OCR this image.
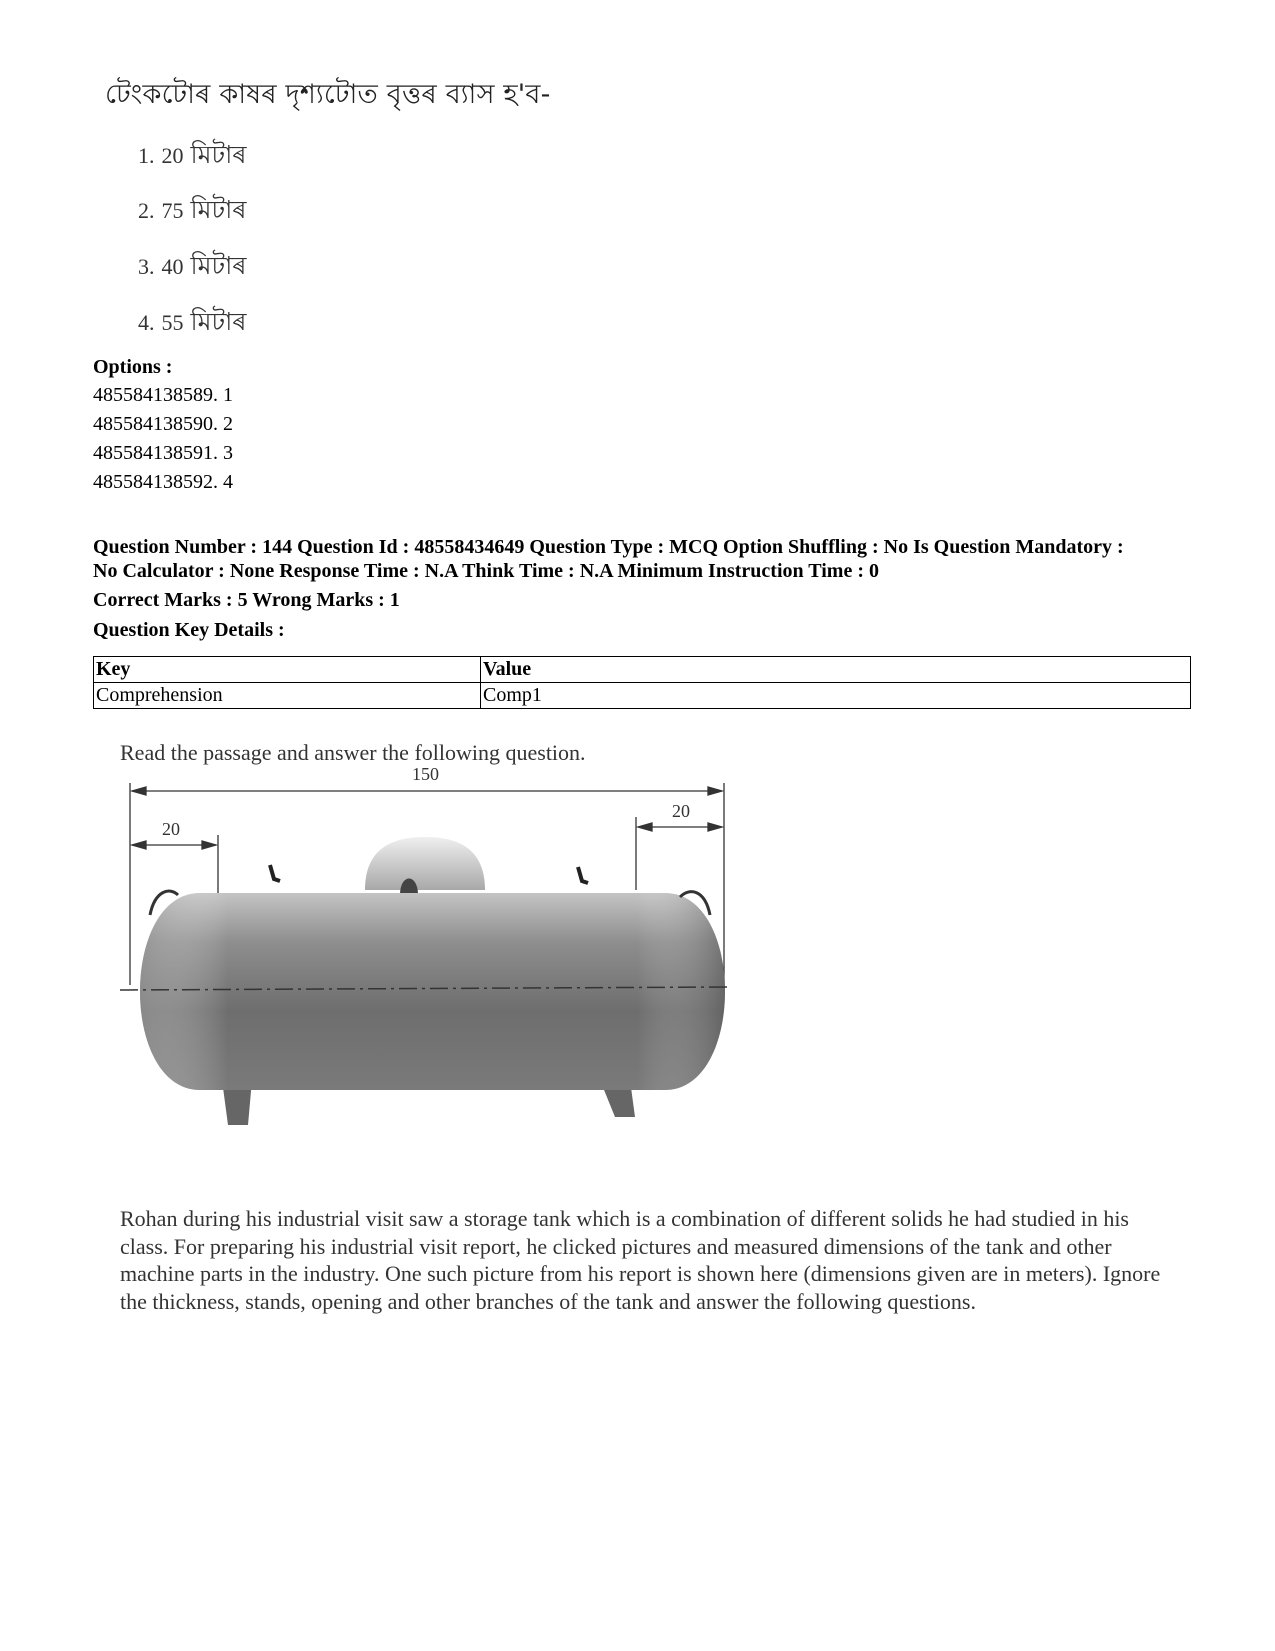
টেংকটোৰ কাষৰ দৃশ্যটোত বৃত্তৰ ব্যাস হ'ব-
1. 20 মিটাৰ
2. 75 মিটাৰ
3. 40 মিটাৰ
4. 55 মিটাৰ
Options :
485584138589. 1
485584138590. 2
485584138591. 3
485584138592. 4
Question Number : 144 Question Id : 48558434649 Question Type : MCQ Option Shuffling : No Is Question Mandatory :
No Calculator : None Response Time : N.A Think Time : N.A Minimum Instruction Time : 0
Correct Marks : 5 Wrong Marks : 1
Question Key Details :
Key	Value
Comprehension	Comp1
Read the passage and answer the following question.
150
20
20
Rohan during his industrial visit saw a storage tank which is a combination of different solids he had studied in his class. For preparing his industrial visit report, he clicked pictures and measured dimensions of the tank and other machine parts in the industry. One such picture from his report is shown here (dimensions given are in meters). Ignore the thickness, stands, opening and other branches of the tank and answer the following questions.
